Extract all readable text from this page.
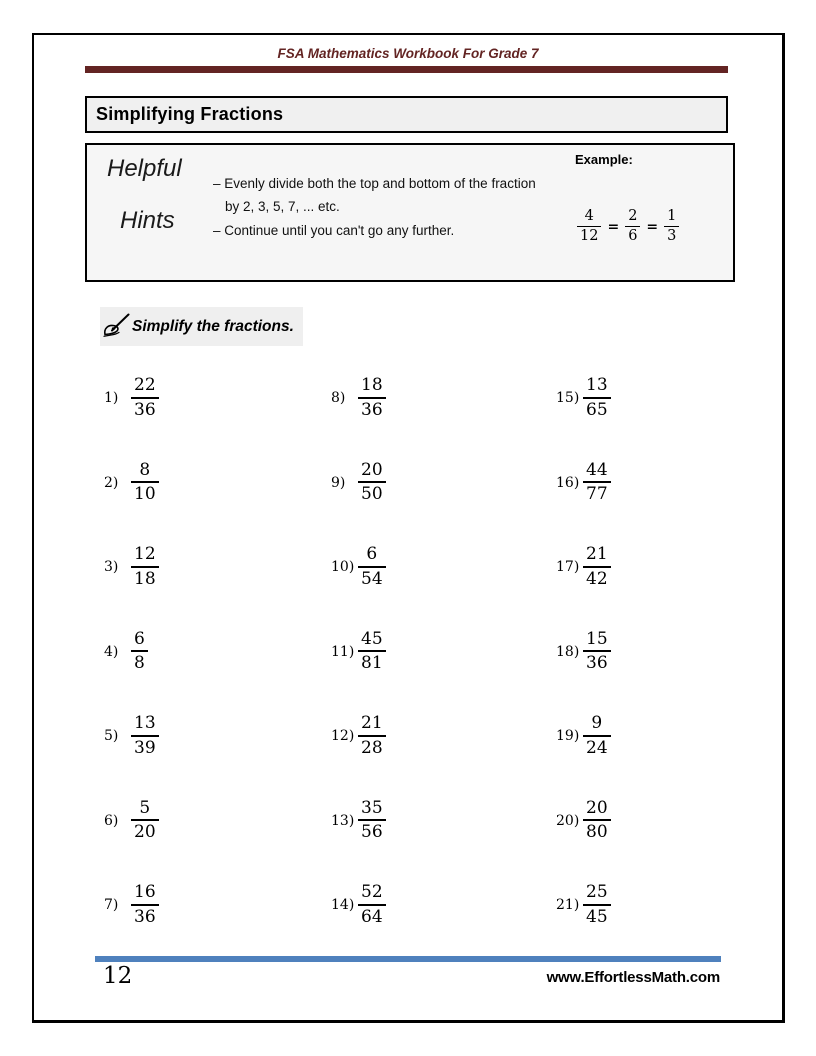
FSA Mathematics Workbook For Grade 7
Simplifying Fractions
Helpful
Hints
– Evenly divide both the top and bottom of the fraction by 2, 3, 5, 7, ... etc.
– Continue until you can't go any further.
Example:
$\frac{4}{12} = \frac{2}{6} = \frac{1}{3}$
Simplify the fractions.
$1) \frac{22}{36}$
$2) \frac{8}{10}$
$3) \frac{12}{18}$
$4) \frac{6}{8}$
$5) \frac{13}{39}$
$6) \frac{5}{20}$
$7) \frac{16}{36}$
$8) \frac{18}{36}$
$9) \frac{20}{50}$
$10) \frac{6}{54}$
$11) \frac{45}{81}$
$12) \frac{21}{28}$
$13) \frac{35}{56}$
$14) \frac{52}{64}$
$15) \frac{13}{65}$
$16) \frac{44}{77}$
$17) \frac{21}{42}$
$18) \frac{15}{36}$
$19) \frac{9}{24}$
$20) \frac{20}{80}$
$21) \frac{25}{45}$
12	www.EffortlessMath.com
